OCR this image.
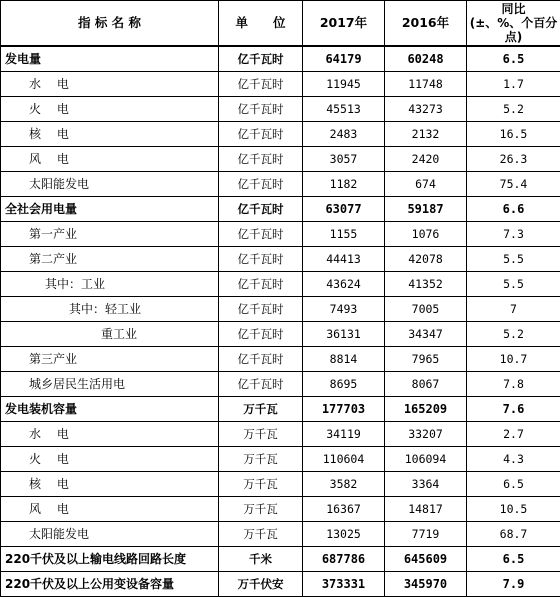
指 标 名 称	单　　位	2017年	2016年	同比
(±、%、个百分点)

发电量	亿千瓦时	64179	60248	6.5
水　 电	亿千瓦时	11945	11748	1.7
火　 电	亿千瓦时	45513	43273	5.2
核　 电	亿千瓦时	2483	2132	16.5
风　 电	亿千瓦时	3057	2420	26.3
太阳能发电	亿千瓦时	1182	674	75.4
全社会用电量	亿千瓦时	63077	59187	6.6
第一产业	亿千瓦时	1155	1076	7.3
第二产业	亿千瓦时	44413	42078	5.5
其中：工业	亿千瓦时	43624	41352	5.5
其中：轻工业	亿千瓦时	7493	7005	7
重工业	亿千瓦时	36131	34347	5.2
第三产业	亿千瓦时	8814	7965	10.7
城乡居民生活用电	亿千瓦时	8695	8067	7.8
发电装机容量	万千瓦	177703	165209	7.6
水　 电	万千瓦	34119	33207	2.7
火　 电	万千瓦	110604	106094	4.3
核　 电	万千瓦	3582	3364	6.5
风　 电	万千瓦	16367	14817	10.5
太阳能发电	万千瓦	13025	7719	68.7
220千伏及以上输电线路回路长度	千米	687786	645609	6.5
220千伏及以上公用变设备容量	万千伏安	373331	345970	7.9
